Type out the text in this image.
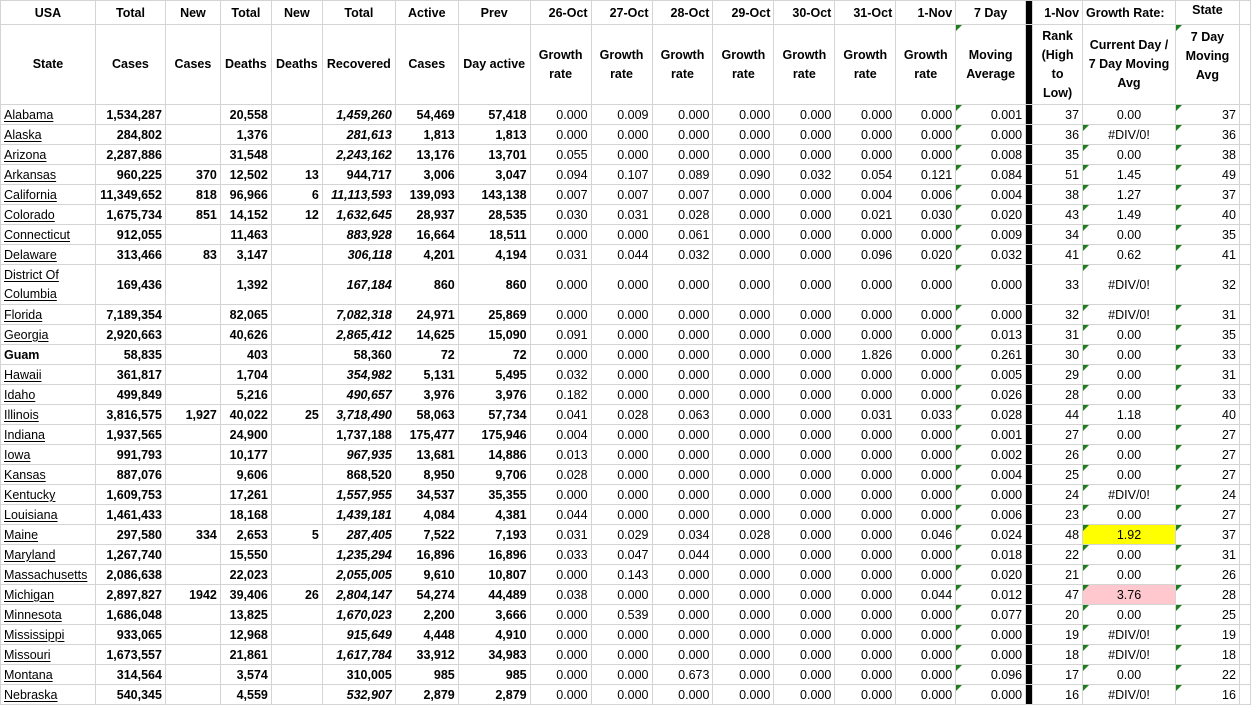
USA	Total	New	Total	New	Total	Active	Prev	26-Oct	27-Oct	28-Oct	29-Oct	30-Oct	31-Oct	1-Nov	7 Day		1-Nov	Growth Rate:	State	
State	Cases	Cases	Deaths	Deaths	Recovered	Cases	Day active	Growth rate	Growth rate	Growth rate	Growth rate	Growth rate	Growth rate	Growth rate	Moving Average		Rank (High to Low)	Current Day / 7 Day Moving Avg	7 Day Moving Avg	
Alabama	1,534,287		20,558		1,459,260	54,469	57,418	0.000	0.009	0.000	0.000	0.000	0.000	0.000	0.001		37	0.00	37	
Alaska	284,802		1,376		281,613	1,813	1,813	0.000	0.000	0.000	0.000	0.000	0.000	0.000	0.000		36	#DIV/0!	36	
Arizona	2,287,886		31,548		2,243,162	13,176	13,701	0.055	0.000	0.000	0.000	0.000	0.000	0.000	0.008		35	0.00	38	
Arkansas	960,225	370	12,502	13	944,717	3,006	3,047	0.094	0.107	0.089	0.090	0.032	0.054	0.121	0.084		51	1.45	49	
California	11,349,652	818	96,966	6	11,113,593	139,093	143,138	0.007	0.007	0.007	0.000	0.000	0.004	0.006	0.004		38	1.27	37	
Colorado	1,675,734	851	14,152	12	1,632,645	28,937	28,535	0.030	0.031	0.028	0.000	0.000	0.021	0.030	0.020		43	1.49	40	
Connecticut	912,055		11,463		883,928	16,664	18,511	0.000	0.000	0.061	0.000	0.000	0.000	0.000	0.009		34	0.00	35	
Delaware	313,466	83	3,147		306,118	4,201	4,194	0.031	0.044	0.032	0.000	0.000	0.096	0.020	0.032		41	0.62	41	
District Of Columbia	169,436		1,392		167,184	860	860	0.000	0.000	0.000	0.000	0.000	0.000	0.000	0.000		33	#DIV/0!	32	
Florida	7,189,354		82,065		7,082,318	24,971	25,869	0.000	0.000	0.000	0.000	0.000	0.000	0.000	0.000		32	#DIV/0!	31	
Georgia	2,920,663		40,626		2,865,412	14,625	15,090	0.091	0.000	0.000	0.000	0.000	0.000	0.000	0.013		31	0.00	35	
Guam	58,835		403		58,360	72	72	0.000	0.000	0.000	0.000	0.000	1.826	0.000	0.261		30	0.00	33	
Hawaii	361,817		1,704		354,982	5,131	5,495	0.032	0.000	0.000	0.000	0.000	0.000	0.000	0.005		29	0.00	31	
Idaho	499,849		5,216		490,657	3,976	3,976	0.182	0.000	0.000	0.000	0.000	0.000	0.000	0.026		28	0.00	33	
Illinois	3,816,575	1,927	40,022	25	3,718,490	58,063	57,734	0.041	0.028	0.063	0.000	0.000	0.031	0.033	0.028		44	1.18	40	
Indiana	1,937,565		24,900		1,737,188	175,477	175,946	0.004	0.000	0.000	0.000	0.000	0.000	0.000	0.001		27	0.00	27	
Iowa	991,793		10,177		967,935	13,681	14,886	0.013	0.000	0.000	0.000	0.000	0.000	0.000	0.002		26	0.00	27	
Kansas	887,076		9,606		868,520	8,950	9,706	0.028	0.000	0.000	0.000	0.000	0.000	0.000	0.004		25	0.00	27	
Kentucky	1,609,753		17,261		1,557,955	34,537	35,355	0.000	0.000	0.000	0.000	0.000	0.000	0.000	0.000		24	#DIV/0!	24	
Louisiana	1,461,433		18,168		1,439,181	4,084	4,381	0.044	0.000	0.000	0.000	0.000	0.000	0.000	0.006		23	0.00	27	
Maine	297,580	334	2,653	5	287,405	7,522	7,193	0.031	0.029	0.034	0.028	0.000	0.000	0.046	0.024		48	1.92	37	
Maryland	1,267,740		15,550		1,235,294	16,896	16,896	0.033	0.047	0.044	0.000	0.000	0.000	0.000	0.018		22	0.00	31	
Massachusetts	2,086,638		22,023		2,055,005	9,610	10,807	0.000	0.143	0.000	0.000	0.000	0.000	0.000	0.020		21	0.00	26	
Michigan	2,897,827	1942	39,406	26	2,804,147	54,274	44,489	0.038	0.000	0.000	0.000	0.000	0.000	0.044	0.012		47	3.76	28	
Minnesota	1,686,048		13,825		1,670,023	2,200	3,666	0.000	0.539	0.000	0.000	0.000	0.000	0.000	0.077		20	0.00	25	
Mississippi	933,065		12,968		915,649	4,448	4,910	0.000	0.000	0.000	0.000	0.000	0.000	0.000	0.000		19	#DIV/0!	19	
Missouri	1,673,557		21,861		1,617,784	33,912	34,983	0.000	0.000	0.000	0.000	0.000	0.000	0.000	0.000		18	#DIV/0!	18	
Montana	314,564		3,574		310,005	985	985	0.000	0.000	0.673	0.000	0.000	0.000	0.000	0.096		17	0.00	22	
Nebraska	540,345		4,559		532,907	2,879	2,879	0.000	0.000	0.000	0.000	0.000	0.000	0.000	0.000		16	#DIV/0!	16	
